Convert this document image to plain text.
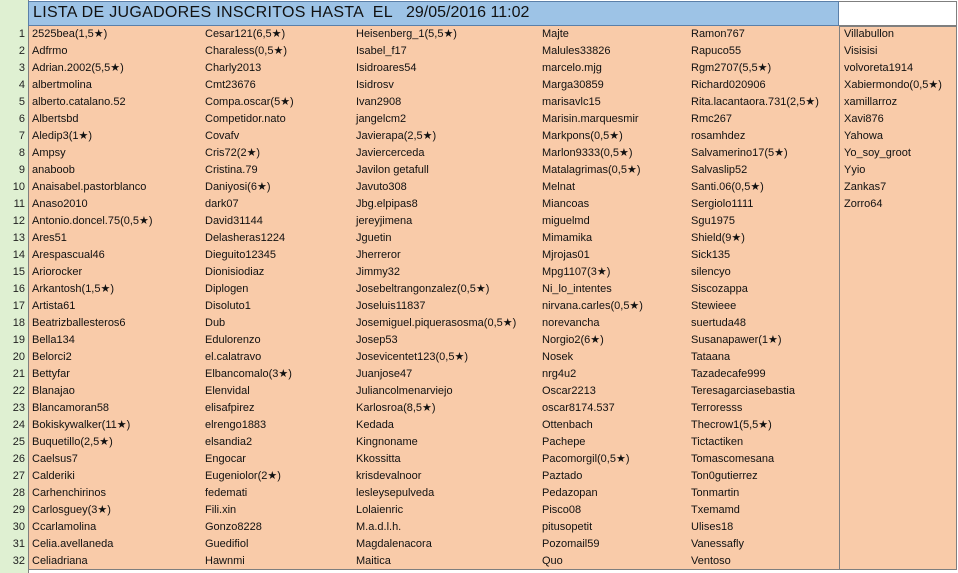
1
2
3
4
5
6
7
8
9
10
11
12
13
14
15
16
17
18
19
20
21
22
23
24
25
26
27
28
29
30
31
32
LISTA DE JUGADORES INSCRITOS HASTA  EL 29/05/2016 11:02
2525bea(1,5★)
Adfrmo
Adrian.2002(5,5★)
albertmolina
alberto.catalano.52
Albertsbd
Aledip3(1★)
Ampsy
anaboob
Anaisabel.pastorblanco
Anaso2010
Antonio.doncel.75(0,5★)
Ares51
Arespascual46
Ariorocker
Arkantosh(1,5★)
Artista61
Beatrizballesteros6
Bella134
Belorci2
Bettyfar
Blanajao
Blancamoran58
Bokiskywalker(11★)
Buquetillo(2,5★)
Caelsus7
Calderiki
Carhenchirinos
Carlosguey(3★)
Ccarlamolina
Celia.avellaneda
Celiadriana
Cesar121(6,5★)
Charaless(0,5★)
Charly2013
Cmt23676
Compa.oscar(5★)
Competidor.nato
Covafv
Cris72(2★)
Cristina.79
Daniyosi(6★)
dark07
David31144
Delasheras1224
Dieguito12345
Dionisiodiaz
Diplogen
Disoluto1
Dub
Edulorenzo
el.calatravo
Elbancomalo(3★)
Elenvidal
elisafpirez
elrengo1883
elsandia2
Engocar
Eugeniolor(2★)
fedemati
Fili.xin
Gonzo8228
Guedifiol
Hawnmi
Heisenberg_1(5,5★)
Isabel_f17
Isidroares54
Isidrosv
Ivan2908
jangelcm2
Javierapa(2,5★)
Javiercerceda
Javilon getafull
Javuto308
Jbg.elpipas8
jereyjimena
Jguetin
Jherreror
Jimmy32
Josebeltrangonzalez(0,5★)
Joseluis11837
Josemiguel.piquerasosma(0,5★)
Josep53
Josevicentet123(0,5★)
Juanjose47
Juliancolmenarviejo
Karlosroa(8,5★)
Kedada
Kingnoname
Kkossitta
krisdevalnoor
lesleysepulveda
Lolaienric
M.a.d.l.h.
Magdalenacora
Maitica
Majte
Malules33826
marcelo.mjg
Marga30859
marisavlc15
Marisin.marquesmir
Markpons(0,5★)
Marlon9333(0,5★)
Matalagrimas(0,5★)
Melnat
Miancoas
miguelmd
Mimamika
Mjrojas01
Mpg1107(3★)
Ni_lo_intentes
nirvana.carles(0,5★)
norevancha
Norgio2(6★)
Nosek
nrg4u2
Oscar2213
oscar8174.537
Ottenbach
Pachepe
Pacomorgil(0,5★)
Paztado
Pedazopan
Pisco08
pitusopetit
Pozomail59
Quo
Ramon767
Rapuco55
Rgm2707(5,5★)
Richard020906
Rita.lacantaora.731(2,5★)
Rmc267
rosamhdez
Salvamerino17(5★)
Salvaslip52
Santi.06(0,5★)
Sergiolo1111
Sgu1975
Shield(9★)
Sick135
silencyo
Siscozappa
Stewieee
suertuda48
Susanapawer(1★)
Tataana
Tazadecafe999
Teresagarciasebastia
Terroresss
Thecrow1(5,5★)
Tictactiken
Tomascomesana
Ton0gutierrez
Tonmartin
Txemamd
Ulises18
Vanessafly
Ventoso
Villabullon
Visisisi
volvoreta1914
Xabiermondo(0,5★)
xamillarroz
Xavi876
Yahowa
Yo_soy_groot
Yyio
Zankas7
Zorro64
